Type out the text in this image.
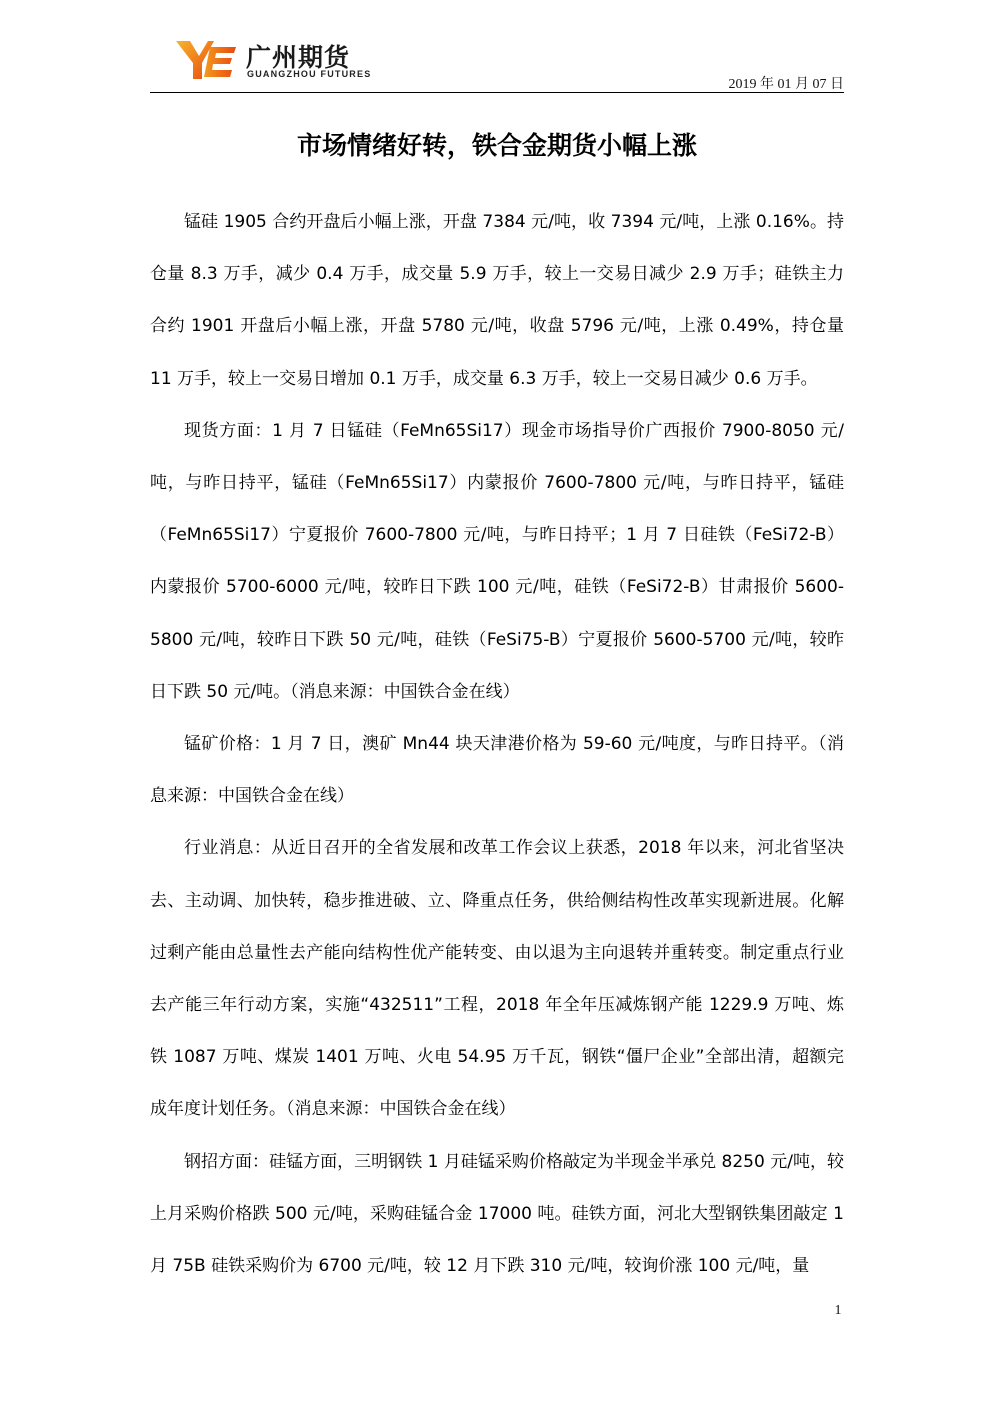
广州期货
GUANGZHOU FUTURES
2019 年 01 月 07 日
市场情绪好转，铁合金期货小幅上涨

锰硅 1905 合约开盘后小幅上涨，开盘 7384 元/吨，收 7394 元/吨，上涨 0.16%。持仓量 8.3 万手，减少 0.4 万手，成交量 5.9 万手，较上一交易日减少 2.9 万手；硅铁主力合约 1901 开盘后小幅上涨，开盘 5780 元/吨，收盘 5796 元/吨，上涨 0.49%，持仓量 11 万手，较上一交易日增加 0.1 万手，成交量 6.3 万手，较上一交易日减少 0.6 万手。

现货方面：1 月 7 日锰硅（FeMn65Si17）现金市场指导价广西报价 7900-8050 元/吨，与昨日持平，锰硅（FeMn65Si17）内蒙报价 7600-7800 元/吨，与昨日持平，锰硅（FeMn65Si17）宁夏报价 7600-7800 元/吨，与昨日持平；1 月 7 日硅铁（FeSi72-B）内蒙报价 5700-6000 元/吨，较昨日下跌 100 元/吨，硅铁（FeSi72-B）甘肃报价 5600-5800 元/吨，较昨日下跌 50 元/吨，硅铁（FeSi75-B）宁夏报价 5600-5700 元/吨，较昨日下跌 50 元/吨。（消息来源：中国铁合金在线）

锰矿价格：1 月 7 日，澳矿 Mn44 块天津港价格为 59-60 元/吨度，与昨日持平。（消息来源：中国铁合金在线）

行业消息：从近日召开的全省发展和改革工作会议上获悉，2018 年以来，河北省坚决去、主动调、加快转，稳步推进破、立、降重点任务，供给侧结构性改革实现新进展。化解过剩产能由总量性去产能向结构性优产能转变、由以退为主向退转并重转变。制定重点行业去产能三年行动方案，实施“432511”工程，2018 年全年压减炼钢产能 1229.9 万吨、炼铁 1087 万吨、煤炭 1401 万吨、火电 54.95 万千瓦，钢铁“僵尸企业”全部出清，超额完成年度计划任务。（消息来源：中国铁合金在线）

钢招方面：硅锰方面，三明钢铁 1 月硅锰采购价格敲定为半现金半承兑 8250 元/吨，较上月采购价格跌 500 元/吨，采购硅锰合金 17000 吨。硅铁方面，河北大型钢铁集团敲定 1 月 75B 硅铁采购价为 6700 元/吨，较 12 月下跌 310 元/吨，较询价涨 100 元/吨，量

1
